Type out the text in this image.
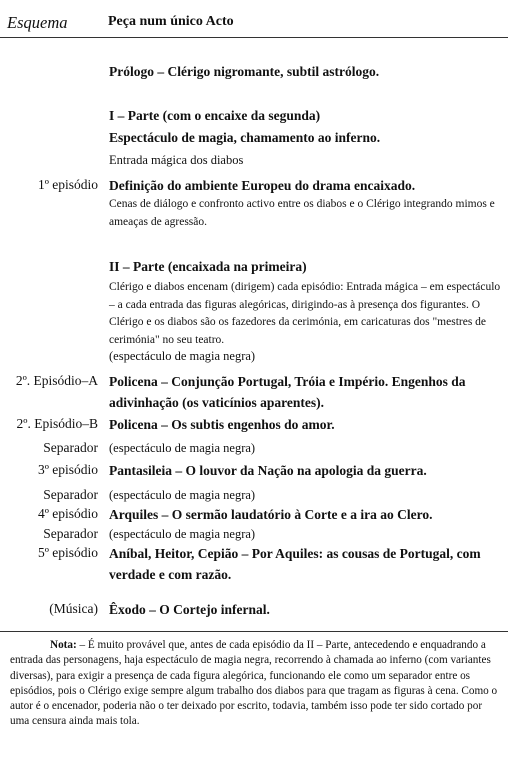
Esquema	Peça num único Acto
Prólogo – Clérigo nigromante, subtil astrólogo.
I – Parte (com o encaixe da segunda)
Espectáculo de magia, chamamento ao inferno.
Entrada mágica dos diabos
1º episódio Definição do ambiente Europeu do drama encaixado.
Cenas de diálogo e confronto activo entre os diabos e o Clérigo integrando mimos e ameaças de agressão.
II – Parte (encaixada na primeira)
Clérigo e diabos encenam (dirigem) cada episódio: Entrada mágica – em espectáculo – a cada entrada das figuras alegóricas, dirigindo-as à presença dos figurantes. O Clérigo e os diabos são os fazedores da cerimónia, em caricaturas dos "mestres de cerimónia" no seu teatro.
(espectáculo de magia negra)
2º. Episódio–A Policena – Conjunção Portugal, Tróia e Império. Engenhos da adivinhação (os vaticínios aparentes).
2º. Episódio–B Policena – Os subtis engenhos do amor.
Separador (espectáculo de magia negra)
3º episódio Pantasileia – O louvor da Nação na apologia da guerra.
Separador (espectáculo de magia negra)
4º episódio Arquiles – O sermão laudatório à Corte e a ira ao Clero.
Separador (espectáculo de magia negra)
5º episódio Aníbal, Heitor, Cepião – Por Aquiles: as cousas de Portugal, com verdade e com razão.
(Música) Êxodo – O Cortejo infernal.
Nota: – É muito provável que, antes de cada episódio da II – Parte, antecedendo e enquadrando a entrada das personagens, haja espectáculo de magia negra, recorrendo à chamada ao inferno (com variantes diversas), para exigir a presença de cada figura alegórica, funcionando ele como um separador entre os episódios, pois o Clérigo exige sempre algum trabalho dos diabos para que tragam as figuras à cena. Como o autor é o encenador, poderia não o ter deixado por escrito, todavia, também isso pode ter sido cortado por uma censura ainda mais tola.
